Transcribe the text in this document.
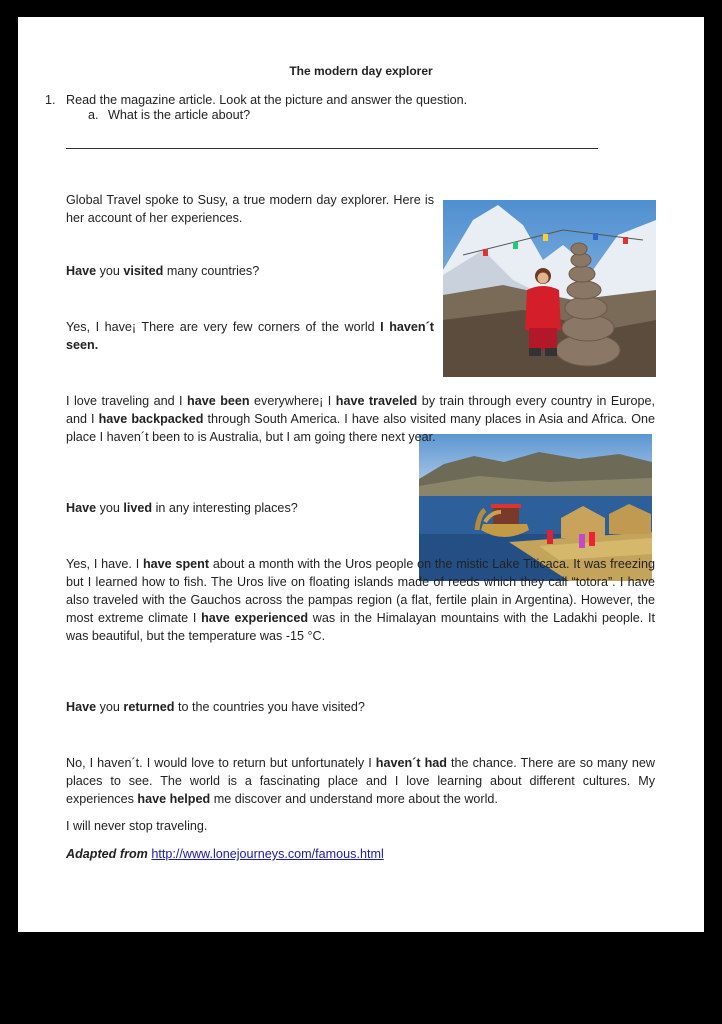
The modern day explorer
1. Read the magazine article. Look at the picture and answer the question.
a. What is the article about?

Global Travel spoke to Susy, a true modern day explorer. Here is her account of her experiences.

Have you visited many countries?

Yes, I have¡ There are very few corners of the world I haven´t seen.

I love traveling and I have been everywhere¡ I have traveled by train through every country in Europe, and I have backpacked through South America. I have also visited many places in Asia and Africa. One place I haven´t been to is Australia, but I am going there next year.

Have you lived in any interesting places?

Yes, I have. I have spent about a month with the Uros people on the mistic Lake Titicaca. It was freezing but I learned how to fish. The Uros live on floating islands made of reeds which they call “totora”. I have also traveled with the Gauchos across the pampas region (a flat, fertile plain in Argentina). However, the most extreme climate I have experienced was in the Himalayan mountains with the Ladakhi people. It was beautiful, but the temperature was -15 °C.

Have you returned to the countries you have visited?

No, I haven´t. I would love to return but unfortunately I haven´t had the chance. There are so many new places to see. The world is a fascinating place and I love learning about different cultures. My experiences have helped me discover and understand more about the world.

I will never stop traveling.

Adapted from http://www.lonejourneys.com/famous.html
